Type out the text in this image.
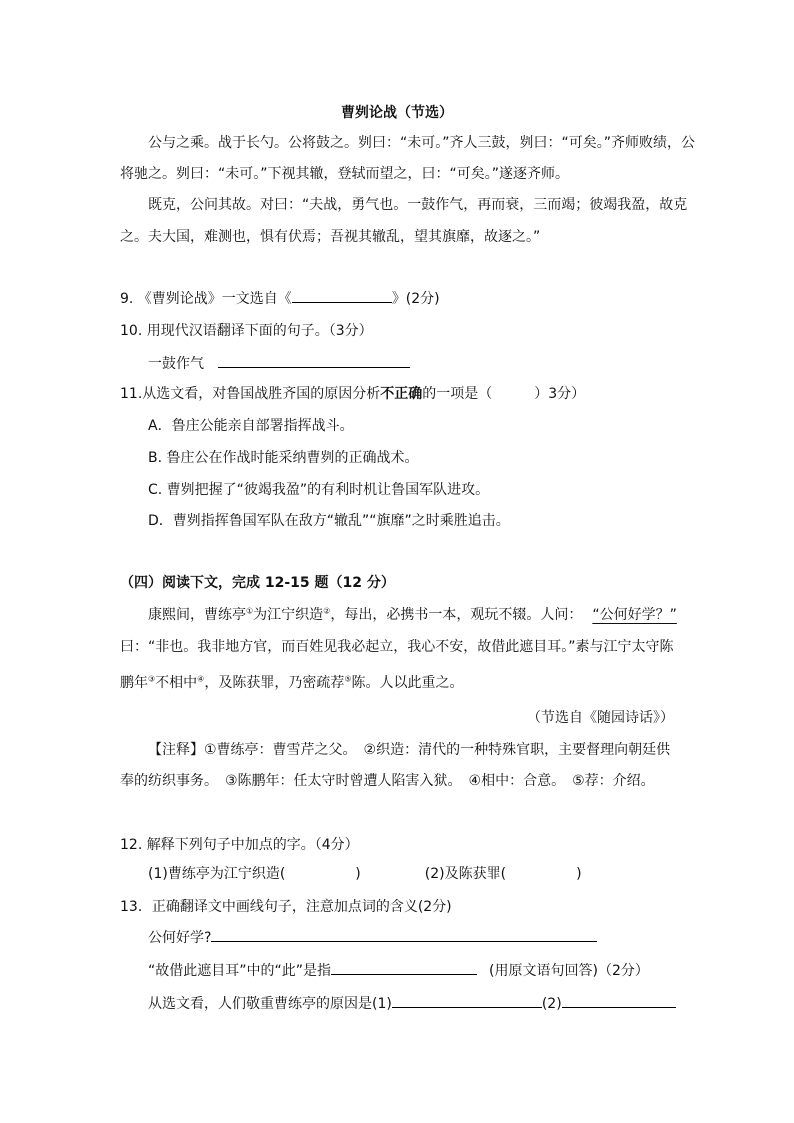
曹刿论战（节选）
公与之乘。战于长勺。公将鼓之。刿曰：“未可。”齐人三鼓，刿曰：“可矣。”齐师败绩，公
将驰之。刿曰：“未可。”下视其辙，登轼而望之，曰：“可矣。”遂逐齐师。
既克，公问其故。对曰：“夫战，勇气也。一鼓作气，再而衰，三而竭；彼竭我盈，故克
之。夫大国，难测也，惧有伏焉；吾视其辙乱，望其旗靡，故逐之。”
9. 《曹刿论战》一文选自《	》(2分)
10. 用现代汉语翻译下面的句子。（3分）
一鼓作气
11.从选文看，对鲁国战胜齐国的原因分析不正确的一项是（　　　）3分）
A．鲁庄公能亲自部署指挥战斗。
B. 鲁庄公在作战时能采纳曹刿的正确战术。
C. 曹刿把握了“彼竭我盈”的有利时机让鲁国军队进攻。
D．曹刿指挥鲁国军队在敌方“辙乱”“旗靡”之时乘胜追击。
（四）阅读下文，完成 12-15 题（12 分）
康熙间，曹练亭①为江宁织造②，每出，必携书一本，观玩不辍。人问： “公何好学？”
曰：“非也。我非地方官，而百姓见我必起立，我心不安，故借此遮目耳。”素与江宁太守陈
鹏年③不相中④，及陈获罪，乃密疏荐⑤陈。人以此重之。
（节选自《随园诗话》）
【注释】①曹练亭：曹雪芹之父。　②织造：清代的一种特殊官职，主要督理向朝廷供
奉的纺织事务。　③陈鹏年：任太守时曾遭人陷害入狱。　④相中：合意。　⑤荐：介绍。
12. 解释下列句子中加点的字。（4分）
(1)曹练亭为江宁织造(	)	(2)及陈获罪(	)
13．正确翻译文中画线句子，注意加点词的含义(2分)
公何好学?
“故借此遮目耳”中的“此”是指	(用原文语句回答)（2分）
从选文看，人们敬重曹练亭的原因是(1)	(2)
